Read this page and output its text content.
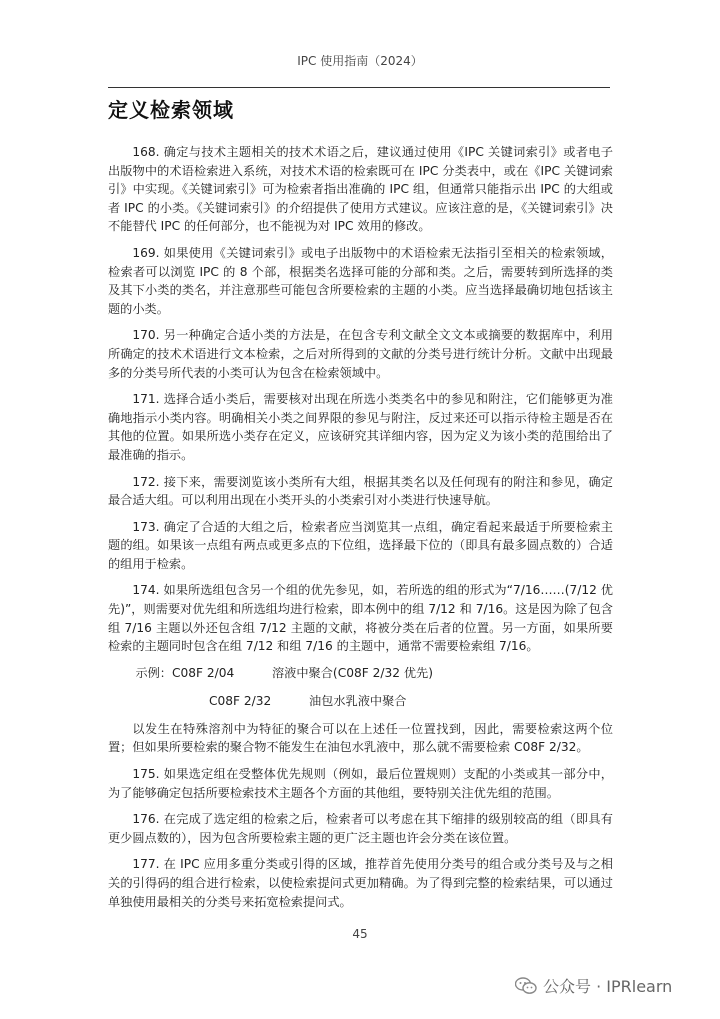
IPC 使用指南（2024）
定义检索领域

168. 确定与技术主题相关的技术术语之后，建议通过使用《IPC 关键词索引》或者电子出版物中的术语检索进入系统，对技术术语的检索既可在 IPC 分类表中，或在《IPC 关键词索引》中实现。《关键词索引》可为检索者指出准确的 IPC 组，但通常只能指示出 IPC 的大组或者 IPC 的小类。《关键词索引》的介绍提供了使用方式建议。应该注意的是，《关键词索引》决不能替代 IPC 的任何部分，也不能视为对 IPC 效用的修改。

169. 如果使用《关键词索引》或电子出版物中的术语检索无法指引至相关的检索领域，检索者可以浏览 IPC 的 8 个部，根据类名选择可能的分部和类。之后，需要转到所选择的类及其下小类的类名，并注意那些可能包含所要检索的主题的小类。应当选择最确切地包括该主题的小类。

170. 另一种确定合适小类的方法是，在包含专利文献全文文本或摘要的数据库中，利用所确定的技术术语进行文本检索，之后对所得到的文献的分类号进行统计分析。文献中出现最多的分类号所代表的小类可认为包含在检索领域中。

171. 选择合适小类后，需要核对出现在所选小类类名中的参见和附注，它们能够更为准确地指示小类内容。明确相关小类之间界限的参见与附注，反过来还可以指示待检主题是否在其他的位置。如果所选小类存在定义，应该研究其详细内容，因为定义为该小类的范围给出了最准确的指示。

172. 接下来，需要浏览该小类所有大组，根据其类名以及任何现有的附注和参见，确定最合适大组。可以利用出现在小类开头的小类索引对小类进行快速导航。

173. 确定了合适的大组之后，检索者应当浏览其一点组，确定看起来最适于所要检索主题的组。如果该一点组有两点或更多点的下位组，选择最下位的（即具有最多圆点数的）合适的组用于检索。

174. 如果所选组包含另一个组的优先参见，如，若所选的组的形式为“7/16……(7/12 优先)”，则需要对优先组和所选组均进行检索，即本例中的组 7/12 和 7/16。这是因为除了包含组 7/16 主题以外还包含组 7/12 主题的文献，将被分类在后者的位置。另一方面，如果所要检索的主题同时包含在组 7/12 和组 7/16 的主题中，通常不需要检索组 7/16。

示例： C08F 2/04	溶液中聚合(C08F 2/32 优先)
C08F 2/32	油包水乳液中聚合

以发生在特殊溶剂中为特征的聚合可以在上述任一位置找到，因此，需要检索这两个位置；但如果所要检索的聚合物不能发生在油包水乳液中，那么就不需要检索 C08F 2/32。

175. 如果选定组在受整体优先规则（例如，最后位置规则）支配的小类或其一部分中，为了能够确定包括所要检索技术主题各个方面的其他组，要特别关注优先组的范围。

176. 在完成了选定组的检索之后，检索者可以考虑在其下缩排的级别较高的组（即具有更少圆点数的），因为包含所要检索主题的更广泛主题也许会分类在该位置。

177. 在 IPC 应用多重分类或引得的区域，推荐首先使用分类号的组合或分类号及与之相关的引得码的组合进行检索，以使检索提问式更加精确。为了得到完整的检索结果，可以通过单独使用最相关的分类号来拓宽检索提问式。

45
公众号 · IPRlearn
